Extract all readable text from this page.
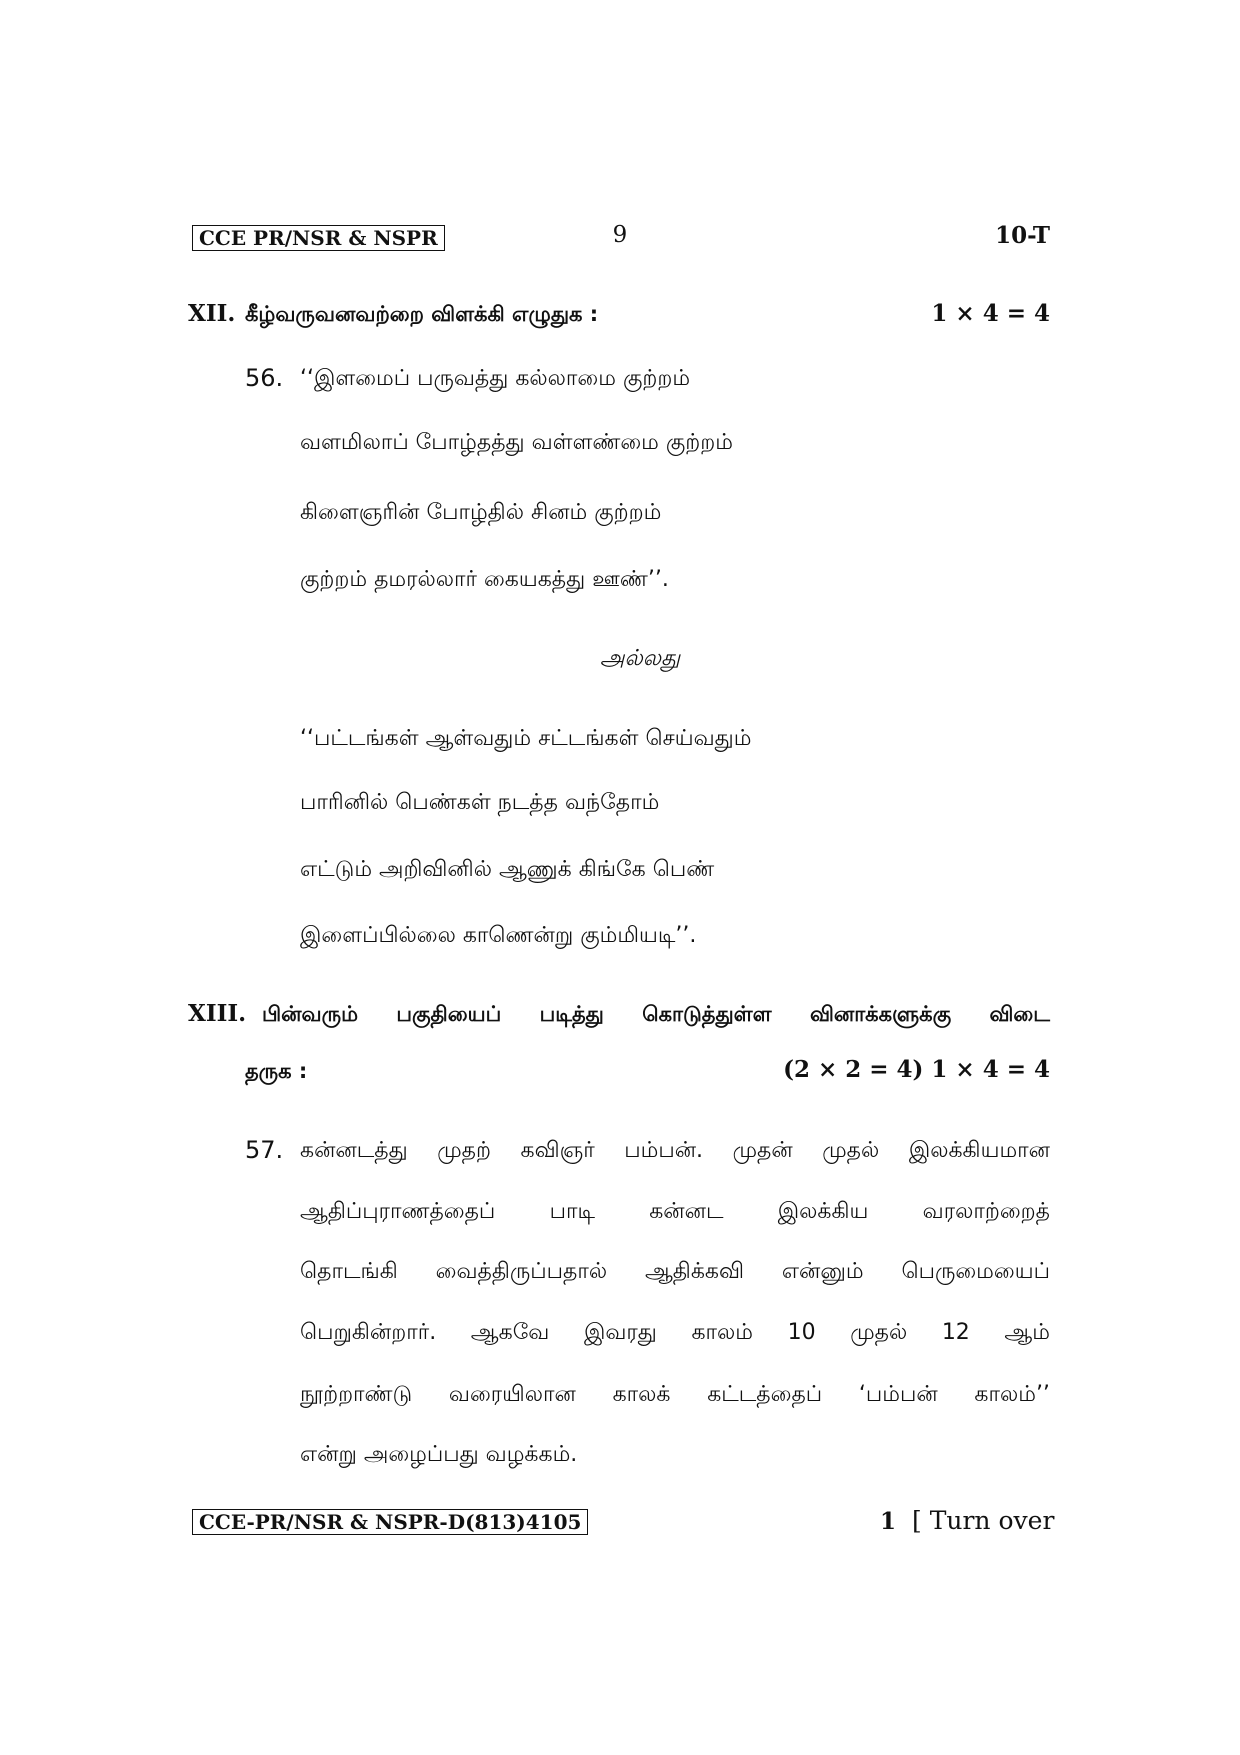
CCE PR/NSR & NSPR	9	10-T
XII. கீழ்வருவனவற்றை விளக்கி எழுதுக :	1 × 4 = 4
56. ‘‘இளமைப் பருவத்து கல்லாமை குற்றம்
வளமிலாப் போழ்தத்து வள்ளண்மை குற்றம்
கிளைஞரின் போழ்தில் சினம் குற்றம்
குற்றம் தமரல்லார் கையகத்து ஊண்’’.
அல்லது
‘‘பட்டங்கள் ஆள்வதும் சட்டங்கள் செய்வதும்
பாரினில் பெண்கள் நடத்த வந்தோம்
எட்டும் அறிவினில் ஆணுக் கிங்கே பெண்
இளைப்பில்லை காணென்று கும்மியடி’’.
XIII. பின்வரும் பகுதியைப் படித்து கொடுத்துள்ள வினாக்களுக்கு விடை
தருக :	(2 × 2 = 4) 1 × 4 = 4
57. கன்னடத்து முதற் கவிஞர் பம்பன். முதன் முதல் இலக்கியமான
ஆதிப்புராணத்தைப் பாடி கன்னட இலக்கிய வரலாற்றைத்
தொடங்கி வைத்திருப்பதால் ஆதிக்கவி என்னும் பெருமையைப்
பெறுகின்றார். ஆகவே இவரது காலம் 10 முதல் 12 ஆம்
நூற்றாண்டு வரையிலான காலக் கட்டத்தைப் ‘பம்பன் காலம்’’
என்று அழைப்பது வழக்கம்.
CCE-PR/NSR & NSPR-D(813)4105	1 [ Turn over
